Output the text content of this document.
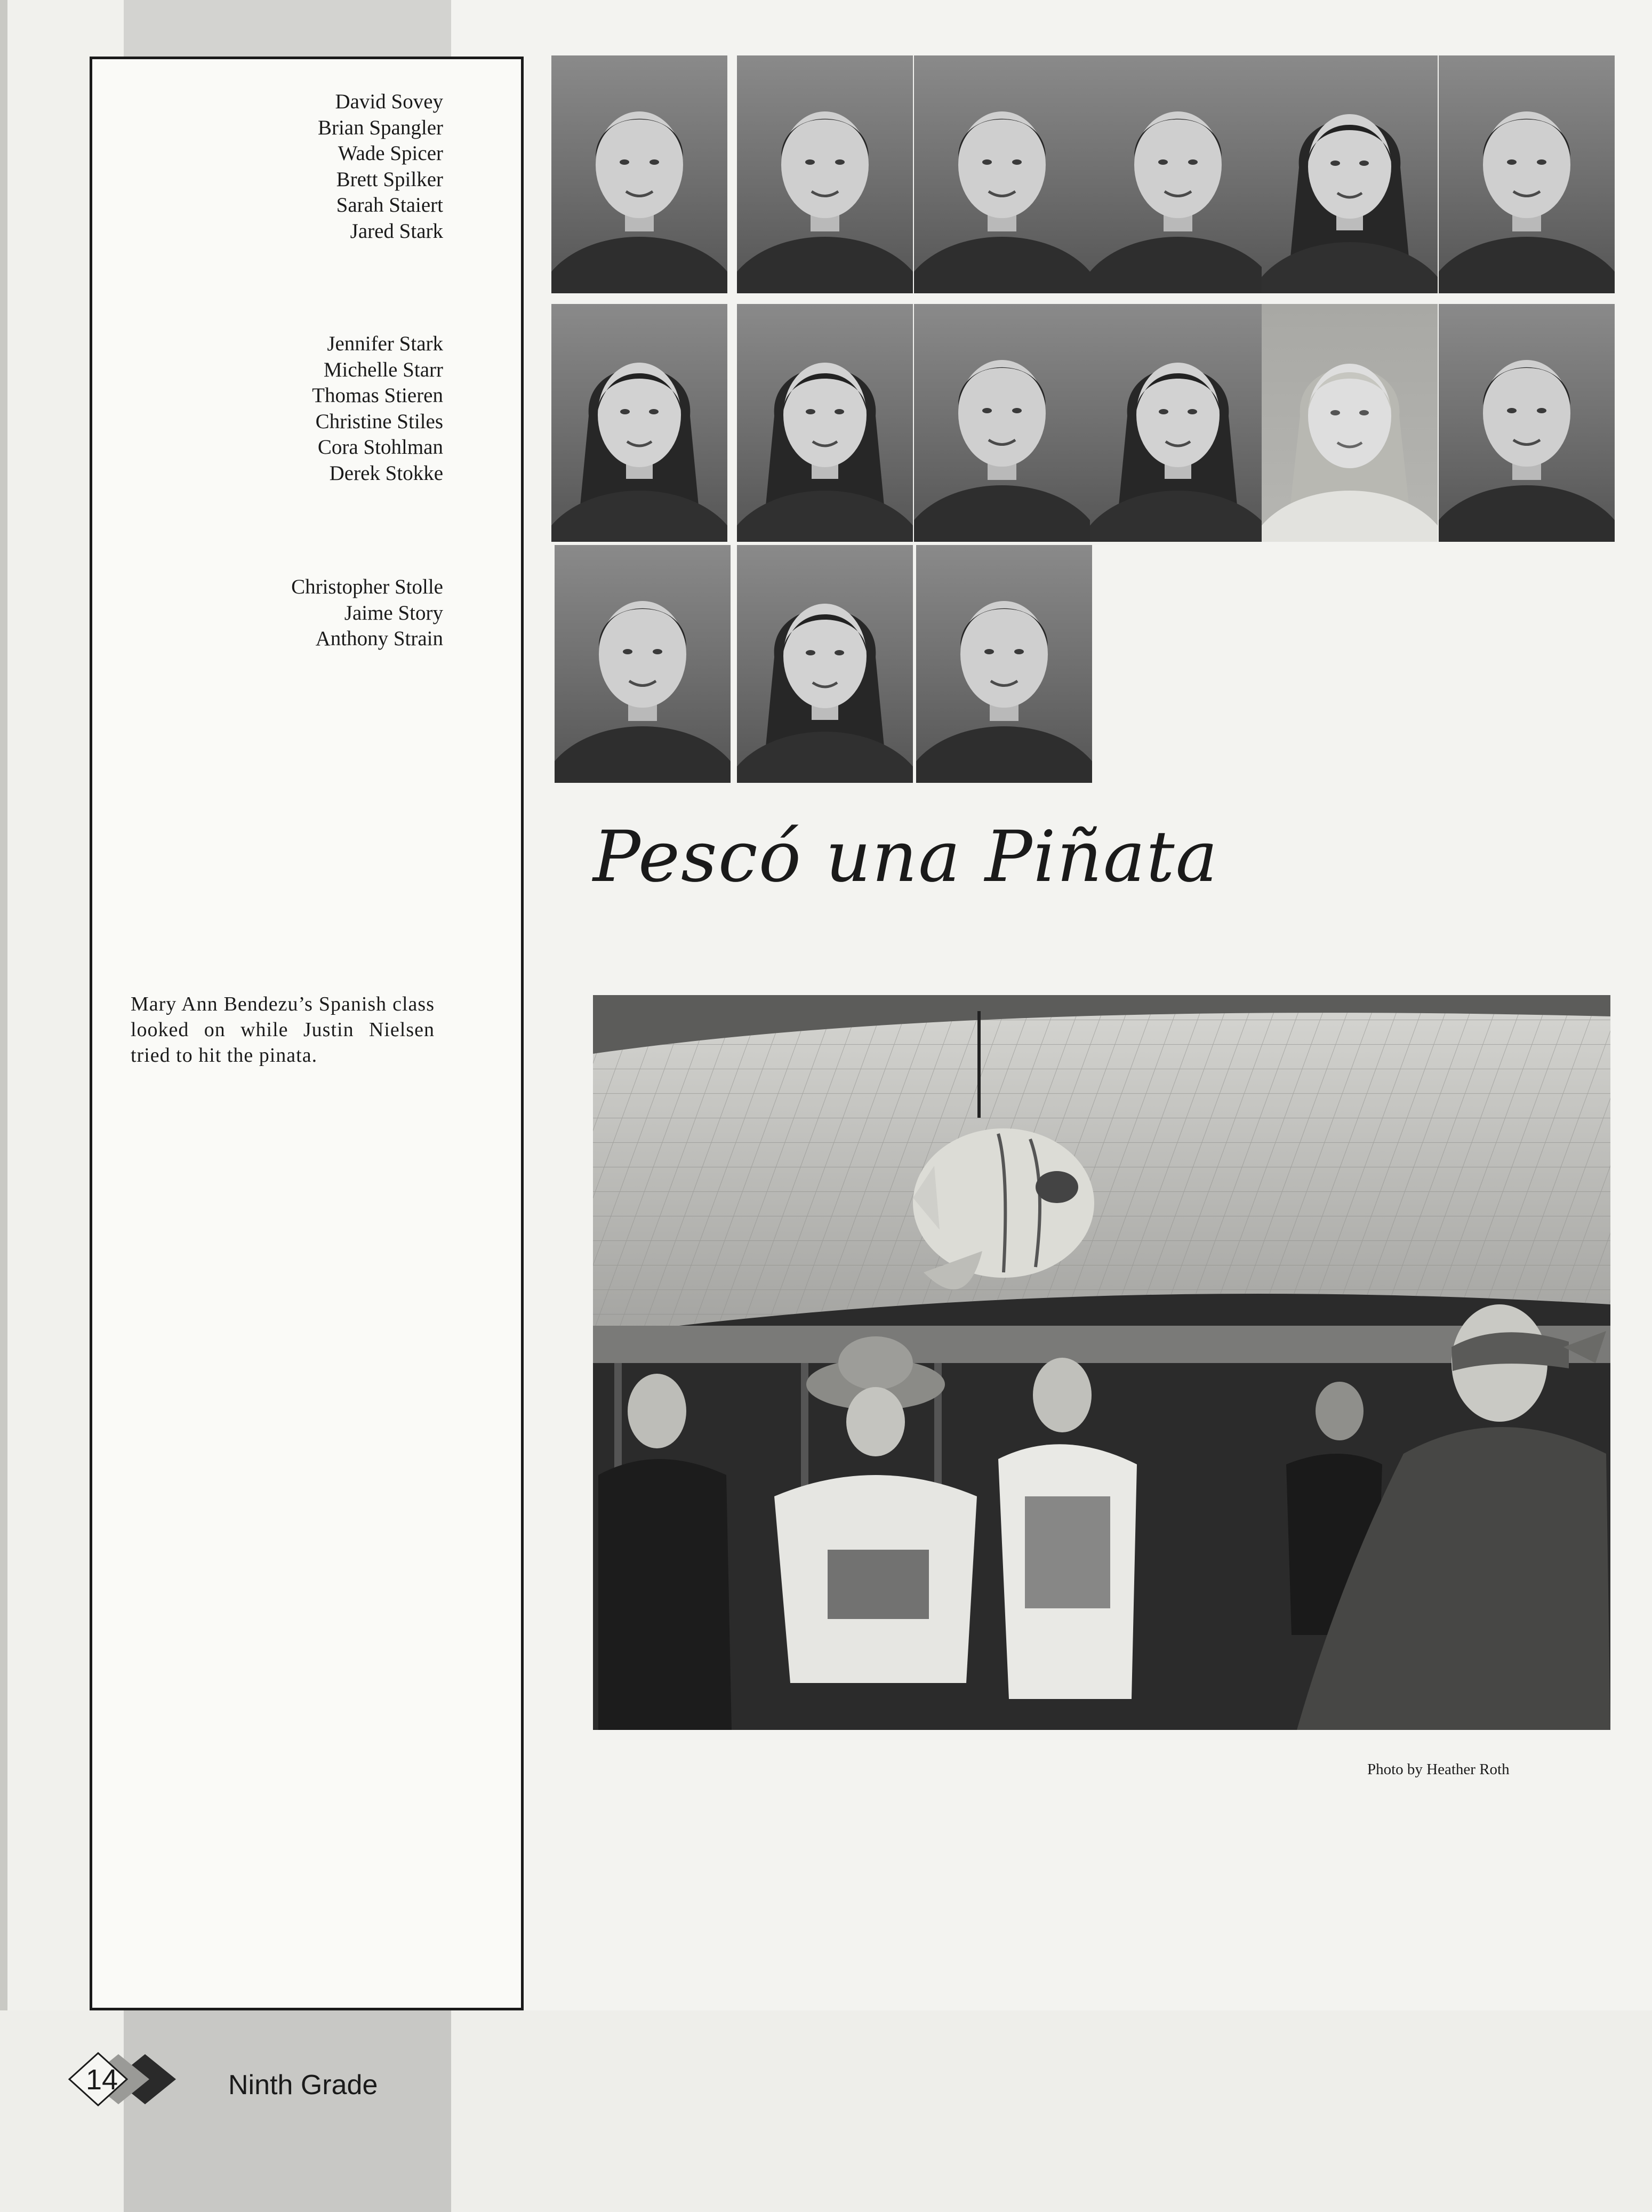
David Sovey
Brian Spangler
Wade Spicer
Brett Spilker
Sarah Staiert
Jared Stark
Jennifer Stark
Michelle Starr
Thomas Stieren
Christine Stiles
Cora Stohlman
Derek Stokke
Christopher Stolle
Jaime Story
Anthony Strain
Mary Ann Bendezu’s Spanish class looked on while Justin Nielsen tried to hit the pinata.
Pescó una Piñata
Photo by Heather Roth
14	Ninth Grade
